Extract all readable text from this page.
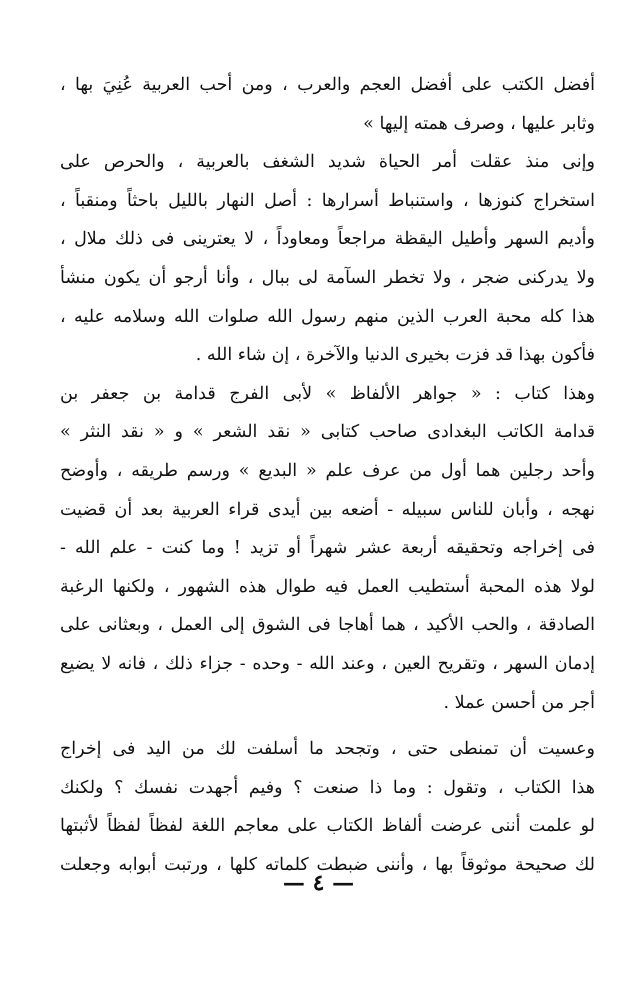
أفضل الكتب على أفضل العجم والعرب ، ومن أحب العربية عُنِيَ بها ،
وثابر عليها ، وصرف همته إليها »
وإنى منذ عقلت أمر الحياة شديد الشغف بالعربية ، والحرص على
استخراج كنوزها ، واستنباط أسرارها : أصل النهار بالليل باحثاً ومنقباً ،
وأديم السهر وأطيل اليقظة مراجعاً ومعاوداً ، لا يعترينى فى ذلك ملال ،
ولا يدركنى ضجر ، ولا تخطر السآمة لى ببال ، وأنا أرجو أن يكون منشأ
هذا كله محبة العرب الذين منهم رسول الله صلوات الله وسلامه عليه ،
فأكون بهذا قد فزت بخيرى الدنيا والآخرة ، إن شاء الله .
وهذا كتاب : « جواهر الألفاظ » لأبى الفرج قدامة بن جعفر بن
قدامة الكاتب البغدادى صاحب كتابى « نقد الشعر » و « نقد النثر »
وأحد رجلين هما أول من عرف علم « البديع » ورسم طريقه ، وأوضح
نهجه ، وأبان للناس سبيله - أضعه بين أيدى قراء العربية بعد أن قضيت
فى إخراجه وتحقيقه أربعة عشر شهراً أو تزيد ! وما كنت - علم الله -
لولا هذه المحبة أستطيب العمل فيه طوال هذه الشهور ، ولكنها الرغبة
الصادقة ، والحب الأكيد ، هما أهاجا فى الشوق إلى العمل ، وبعثانى على
إدمان السهر ، وتقريح العين ، وعند الله - وحده - جزاء ذلك ، فانه لا يضيع
أجر من أحسن عملا .
وعسيت أن تمنطى حتى ، وتجحد ما أسلفت لك من اليد فى إخراج
هذا الكتاب ، وتقول : وما ذا صنعت ؟ وفيم أجهدت نفسك ؟ ولكنك
لو علمت أننى عرضت ألفاظ الكتاب على معاجم اللغة لفظاً لفظاً لأثبتها
لك صحيحة موثوقاً بها ، وأننى ضبطت كلماته كلها ، ورتبت أبوابه وجعلت
— ٤ —
